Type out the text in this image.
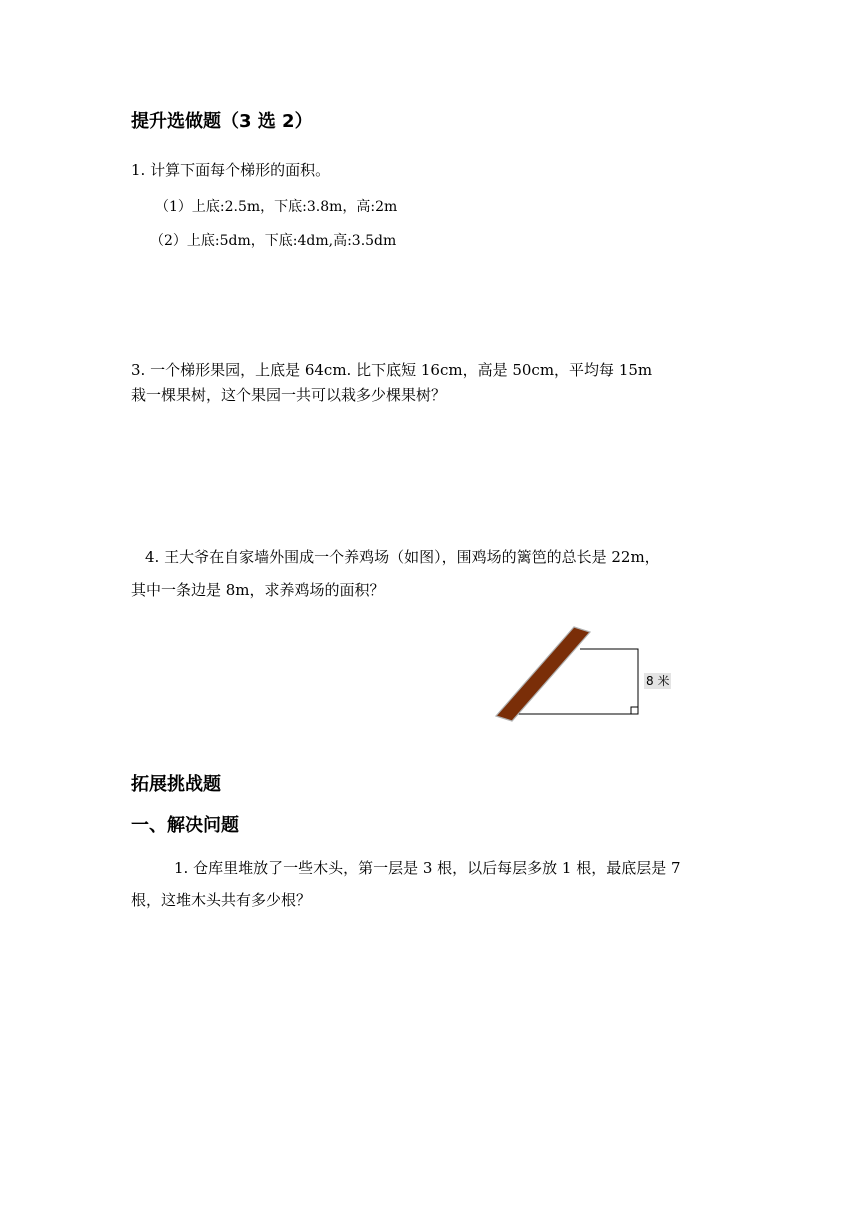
提升选做题（3 选 2）
1. 计算下面每个梯形的面积。
（1）上底:2.5m，下底:3.8m，高:2m
（2）上底:5dm，下底:4dm,高:3.5dm
3. 一个梯形果园，上底是 64cm. 比下底短 16cm，高是 50cm，平均每 15m
栽一棵果树，这个果园一共可以栽多少棵果树？
4. 王大爷在自家墙外围成一个养鸡场（如图），围鸡场的篱笆的总长是 22m，
其中一条边是 8m，求养鸡场的面积？
8 米
拓展挑战题
一、解决问题
1. 仓库里堆放了一些木头，第一层是 3 根，以后每层多放 1 根，最底层是 7
根，这堆木头共有多少根？
